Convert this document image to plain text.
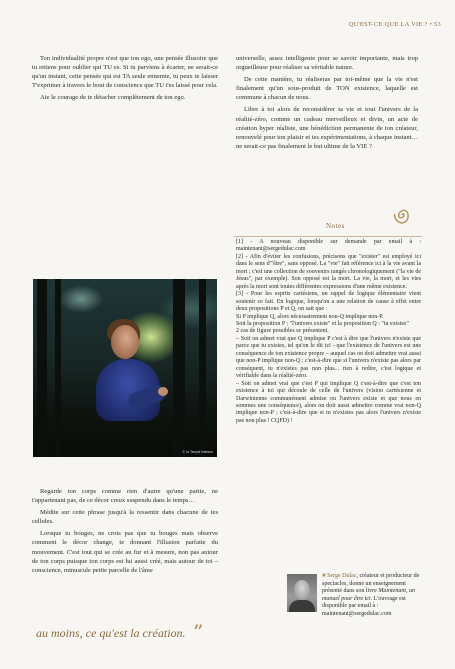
QU'EST-CE QUE LA VIE ? • 53

Ton individualité propre n'est que ton ego, une pensée illusoire que tu retiens pour oublier qui TU es. Si tu parviens à écarter, ne serait-ce qu'un instant, cette pensée qui est TA seule ennemie, tu peux te laisser T'exprimer à travers le bout de conscience que TU t'es laissé pour cela.

Aie le courage de te détacher complètement de ton ego.

© Le Temple Intérieur

Regarde ton corps comme rien d'autre qu'une partie, ne t'appartenant pas, de ce décor creux suspendu dans le temps…

Médite sur cette phrase jusqu'à la ressentir dans chacune de tes cellules.

Lorsque tu bouges, ne crois pas que tu bouges mais observe comment le décor change, te donnant l'illusion parfaite du mouvement. C'est tout qui se crée au fur et à mesure, non pas autour de ton corps puisque ton corps est lui aussi créé, mais autour de toi – conscience, minuscule petite parcelle de l'âme

universelle, assez intelligente pour se savoir importante, mais trop orgueilleuse pour réaliser sa véritable nature.

De cette manière, tu réaliseras par toi-même que la vie n'est finalement qu'un sous-produit de TON existence, laquelle est commune à chacun de nous.

Libre à toi alors de reconsidérer ta vie et tout l'univers de la réalité-zéro, comme un cadeau merveilleux et divin, un acte de création hyper réaliste, une bénédiction permanente de ton créateur, renouvelé pour ton plaisir et tes expérimentations, à chaque instant… ne serait-ce pas finalement le but ultime de la VIE ?

Notes

[1] - A nouveau disponible sur demande par email à : maintenant@sergedulac.com

[2] - Afin d'éviter les confusions, précisons que "exister" est employé ici dans le sens d'"être", sans opposé. La "vie" fait référence ici à la vie avant la mort ; c'est une collection de souvenirs rangés chronologiquement ("la vie de Jésus", par exemple). Son opposé est la mort. La vie, la mort, et les vies après la mort sont toutes différentes expressions d'une même existence.

[3] - Pour les esprits cartésiens, un rappel de logique élémentaire vient soutenir ce fait. En logique, lorsqu'on a une relation de cause à effet entre deux propositions P et Q, on sait que :

Si P implique Q, alors nécessairement non-Q implique non-P.

Soit la proposition P : "l'univers existe" et la proposition Q : "tu existes"

2 cas de figure possibles se présentent.

– Soit on admet vrai que Q implique P c'est à dire que l'univers n'existe que parce que tu existes, tel qu'on le dit ici - que l'existence de l'univers est une conséquence de ton existence propre – auquel cas on doit admettre vrai aussi que non-P implique non-Q ; c'est-à-dire que si l'univers n'existe pas alors par conséquent, tu n'existes pas non plus... rien à redire, c'est logique et vérifiable dans la réalité-zéro.

– Soit on admet vrai que c'est P qui implique Q c'est-à-dire que c'est ton existence à toi qui découle de celle de l'univers (vision cartésienne et Darwinienne communément admise ou l'univers existe et que nous en sommes une conséquence), alors on doit aussi admettre comme vrai non-Q implique non-P ; c'est-à-dire que si tu n'existes pas alors l'univers n'existe pas non plus ! CQFD) !

■ Serge Dulac, créateur et producteur de spectacles, donne un enseignement présenté dans son livre Maintenant, un manuel pour être ici. L'ouvrage est disponible par email à : maintenant@sergedulac.com
au moins, ce qu'est la création. ”
